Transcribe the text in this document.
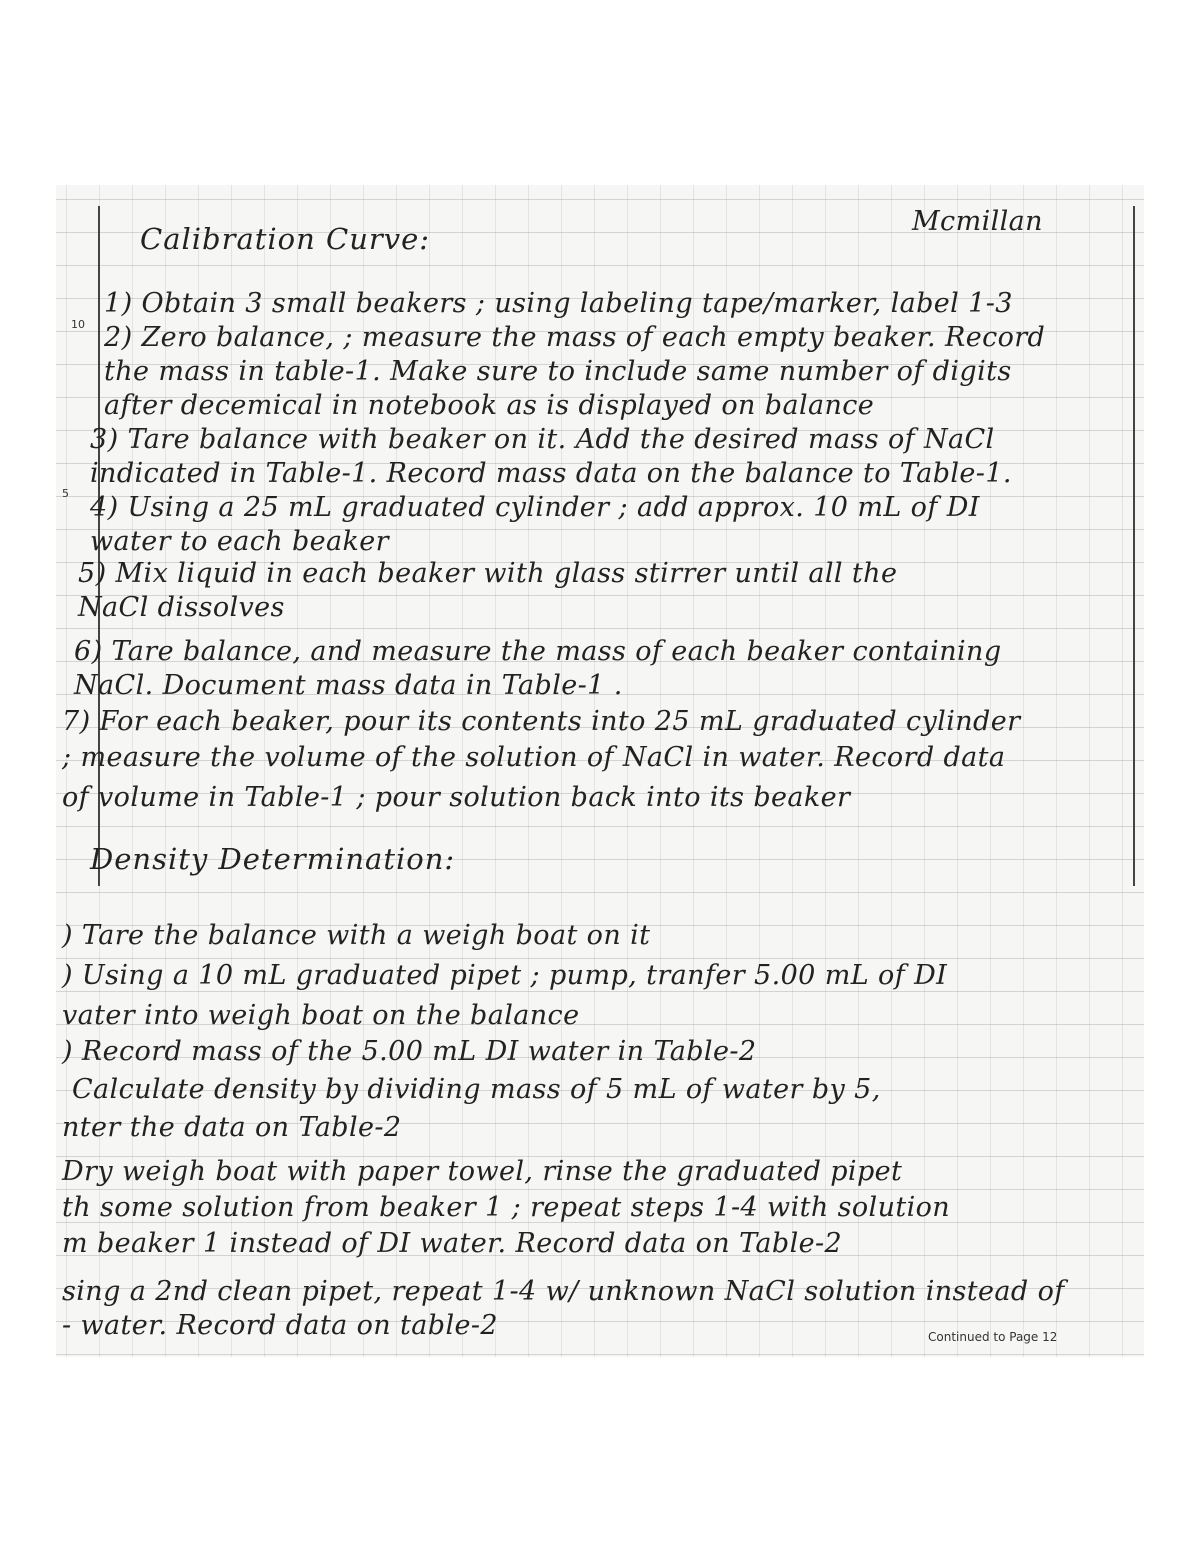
10
5
Mcmillan
Calibration Curve:
1) Obtain 3 small beakers ; using labeling tape/marker, label 1-3
2) Zero balance, ; measure the mass of each empty beaker. Record
the mass in table-1. Make sure to include same number of digits
after decemical in notebook as is displayed on balance
3) Tare balance with beaker on it. Add the desired mass of NaCl
indicated in Table-1. Record mass data on the balance to Table-1.
4) Using a 25 mL graduated cylinder ; add approx. 10 mL of DI
water to each beaker
5) Mix liquid in each beaker with glass stirrer until all the
NaCl dissolves
6) Tare balance, and measure the mass of each beaker containing
NaCl. Document mass data in Table-1 .
7) For each beaker, pour its contents into 25 mL graduated cylinder
; measure the volume of the solution of NaCl in water. Record data
of volume in Table-1 ; pour solution back into its beaker
Density Determination:
) Tare the balance with a weigh boat on it
) Using a 10 mL graduated pipet ; pump, tranfer 5.00 mL of DI
vater into weigh boat on the balance
) Record mass of the 5.00 mL DI water in Table-2
Calculate density by dividing mass of 5 mL of water by 5,
nter the data on Table-2
Dry weigh boat with paper towel, rinse the graduated pipet
th some solution from beaker 1 ; repeat steps 1-4 with solution
m beaker 1 instead of DI water. Record data on Table-2
sing a 2nd clean pipet, repeat 1-4 w/ unknown NaCl solution instead of
- water. Record data on table-2	Continued to Page 12
